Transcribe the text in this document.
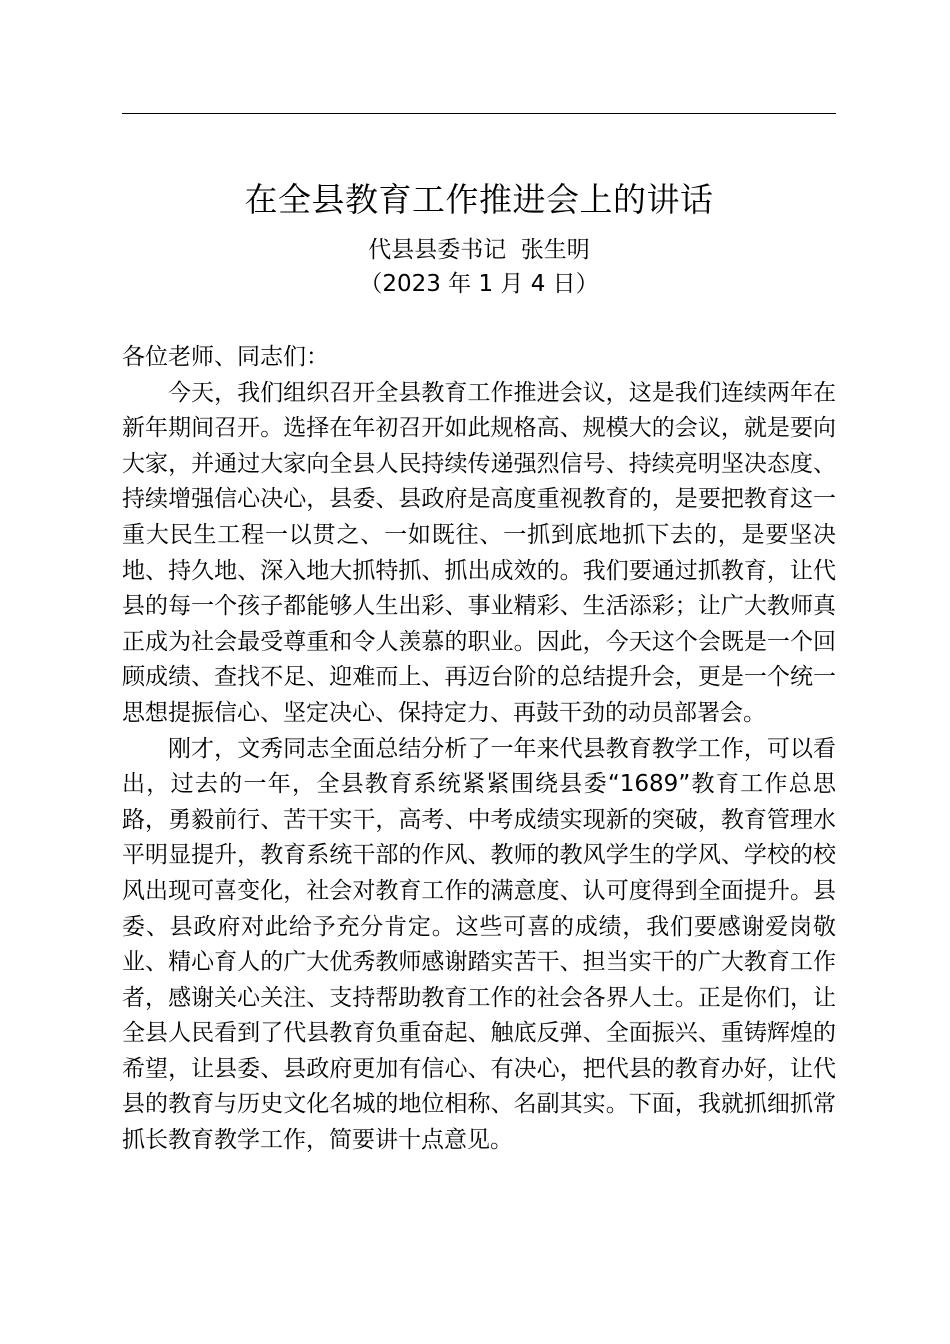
在全县教育工作推进会上的讲话
代县县委书记  张生明
（2023 年 1 月 4 日）

各位老师、同志们：

今天，我们组织召开全县教育工作推进会议，这是我们连续两年在新年期间召开。选择在年初召开如此规格高、规模大的会议，就是要向大家，并通过大家向全县人民持续传递强烈信号、持续亮明坚决态度、持续增强信心决心，县委、县政府是高度重视教育的，是要把教育这一重大民生工程一以贯之、一如既往、一抓到底地抓下去的，是要坚决地、持久地、深入地大抓特抓、抓出成效的。我们要通过抓教育，让代县的每一个孩子都能够人生出彩、事业精彩、生活添彩；让广大教师真正成为社会最受尊重和令人羡慕的职业。因此，今天这个会既是一个回顾成绩、查找不足、迎难而上、再迈台阶的总结提升会，更是一个统一思想提振信心、坚定决心、保持定力、再鼓干劲的动员部署会。

刚才，文秀同志全面总结分析了一年来代县教育教学工作，可以看出，过去的一年，全县教育系统紧紧围绕县委“1689”教育工作总思路，勇毅前行、苦干实干，高考、中考成绩实现新的突破，教育管理水平明显提升，教育系统干部的作风、教师的教风学生的学风、学校的校风出现可喜变化，社会对教育工作的满意度、认可度得到全面提升。县委、县政府对此给予充分肯定。这些可喜的成绩，我们要感谢爱岗敬业、精心育人的广大优秀教师感谢踏实苦干、担当实干的广大教育工作者，感谢关心关注、支持帮助教育工作的社会各界人士。正是你们，让全县人民看到了代县教育负重奋起、触底反弹、全面振兴、重铸辉煌的希望，让县委、县政府更加有信心、有决心，把代县的教育办好，让代县的教育与历史文化名城的地位相称、名副其实。下面，我就抓细抓常抓长教育教学工作，简要讲十点意见。
